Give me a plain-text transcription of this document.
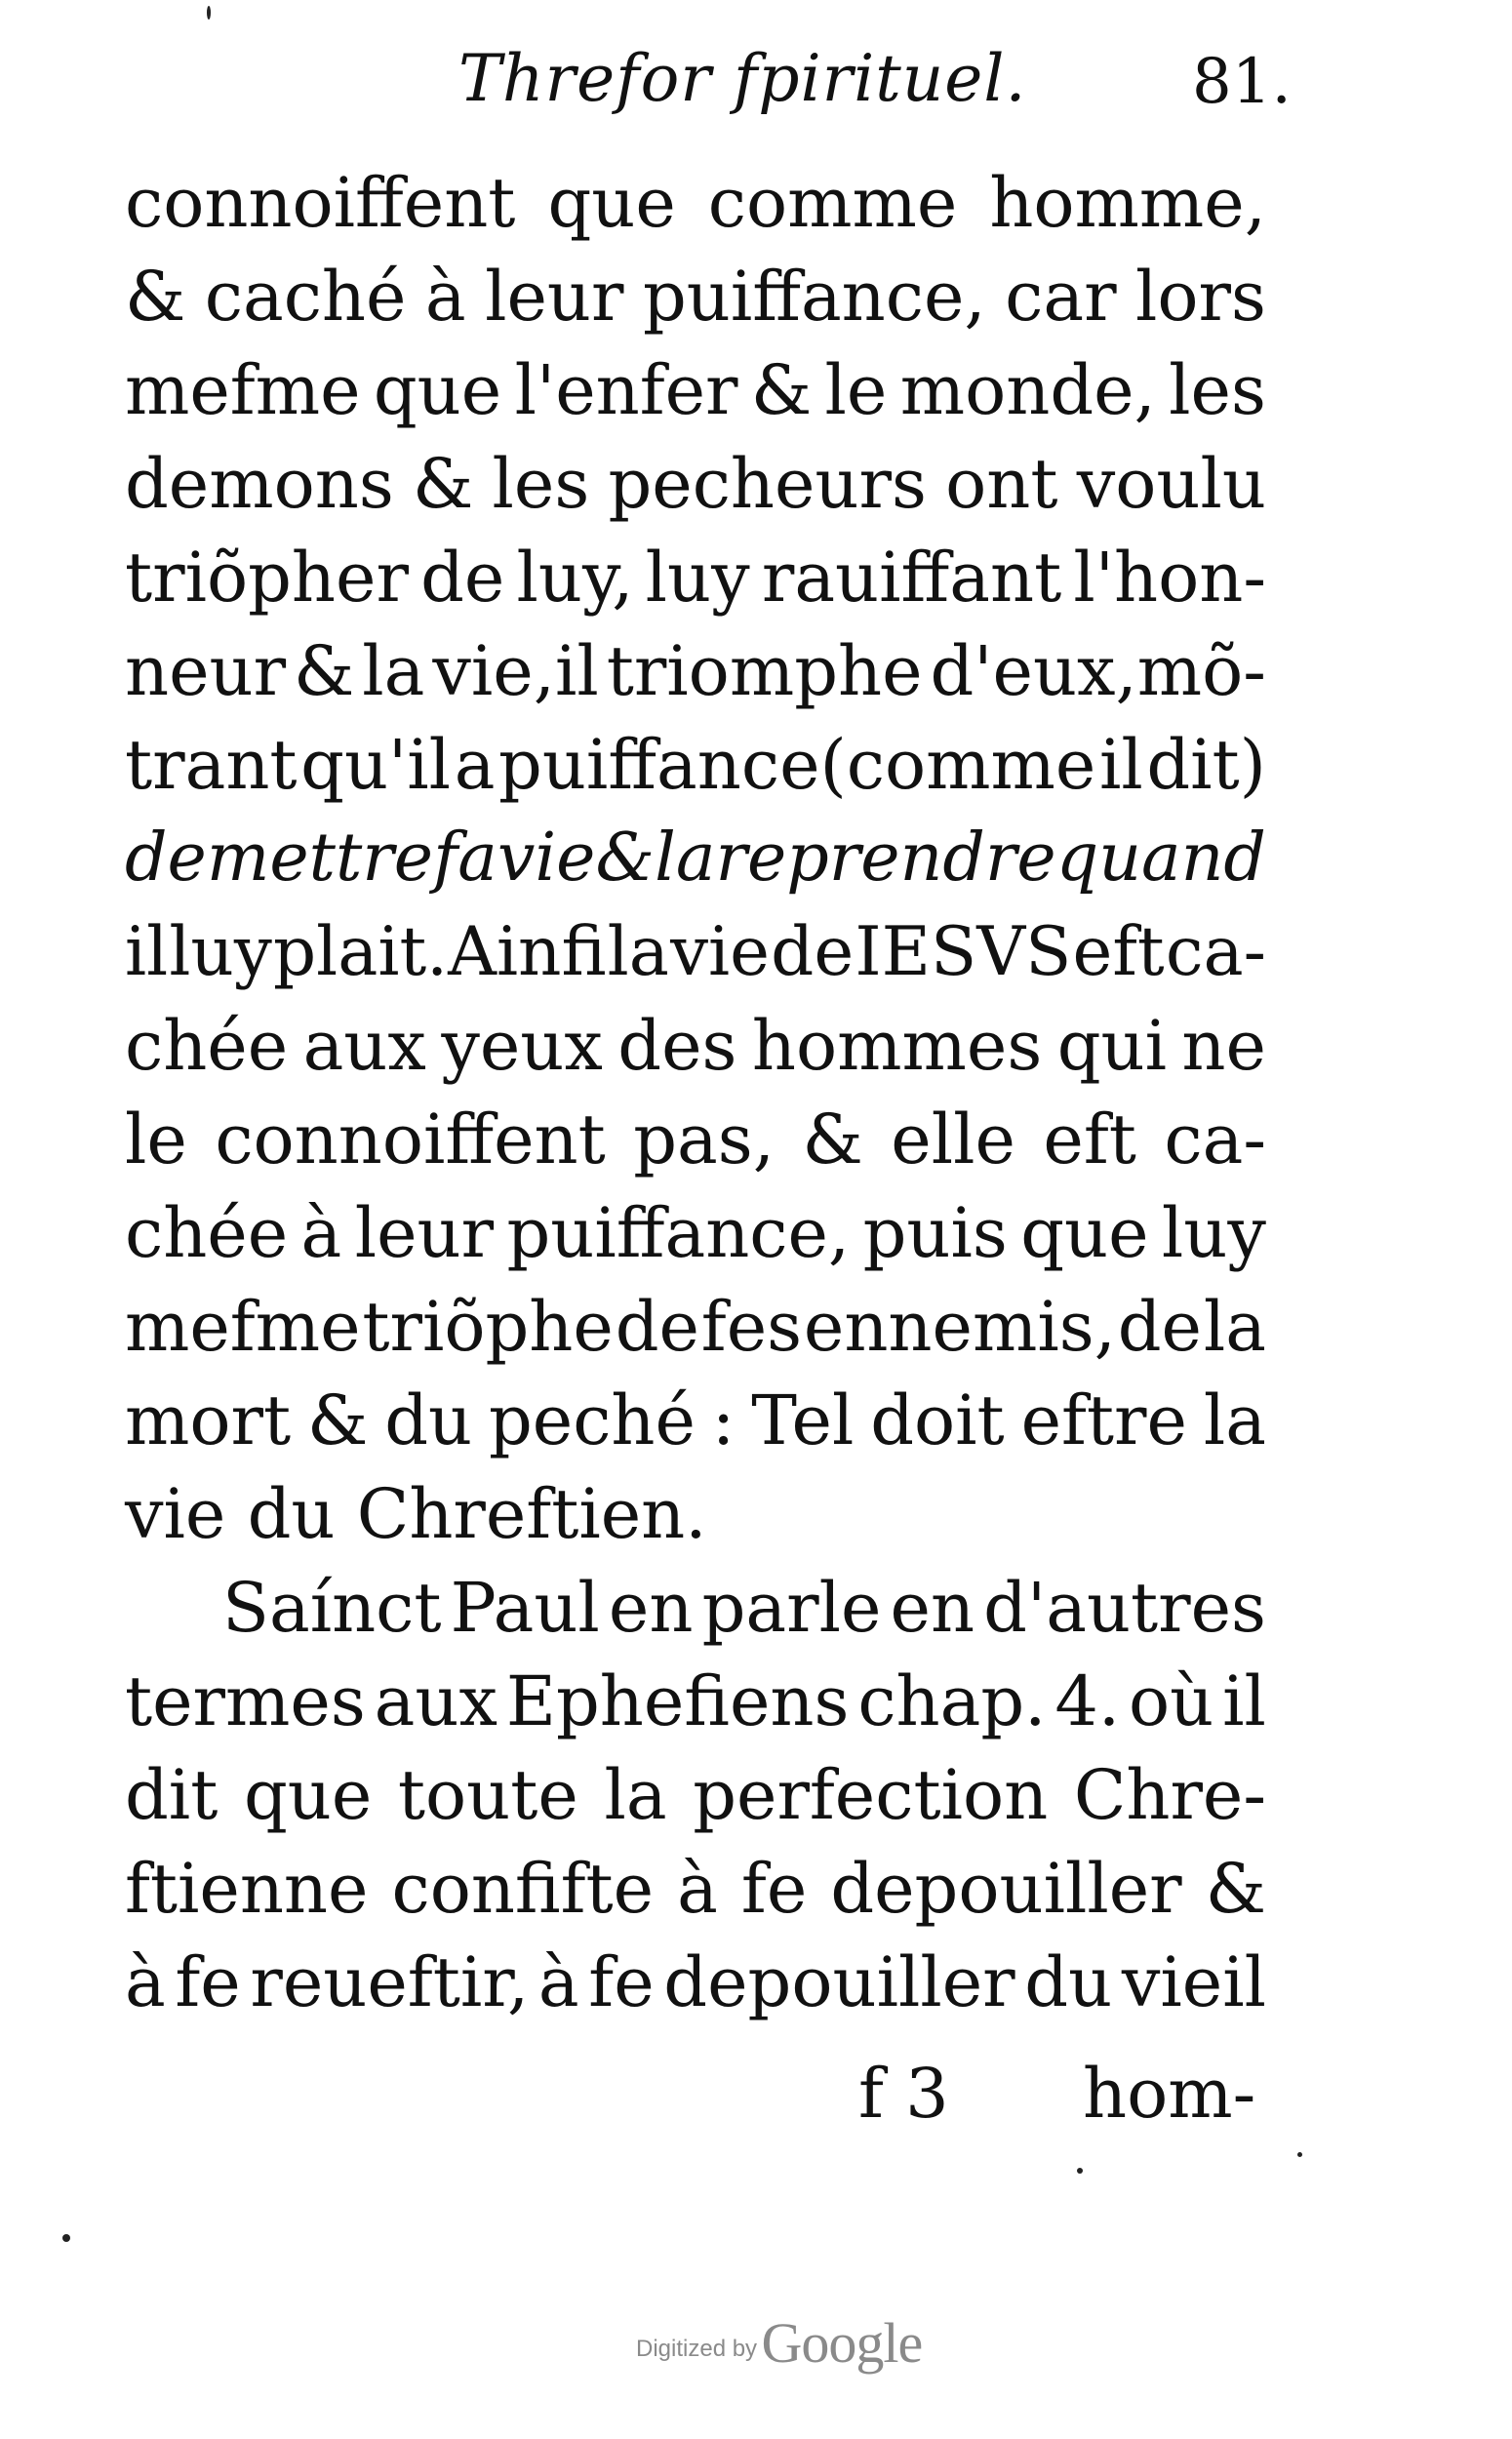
Threfor fpirituel.	81.
connoiffent que comme homme,
& caché à leur puiffance, car lors
mefme que l'enfer & le monde, les
demons & les pecheurs ont voulu
triõpher de luy, luy rauiffant l'hon-
neur & la vie,il triomphe d'eux,mõ-
trant qu'il a puiffance(comme il dit)
de mettre fa vie & la reprendre quand
il luy plait.Ainfi la vie de IESVS eft ca-
chée aux yeux des hommes qui ne
le connoiffent pas, & elle eft ca-
chée à leur puiffance, puis que luy
mefme triõphe de fes ennemis, de la
mort & du peché : Tel doit eftre la
vie du Chreftien.
Saínct Paul en parle en d'autres
termes aux Ephefiens chap. 4. où il
dit que toute la perfection Chre-
ftienne confifte à fe depouiller &
à fe reueftir, à fe depouiller du vieil
f 3 hom-
Digitized by Google
